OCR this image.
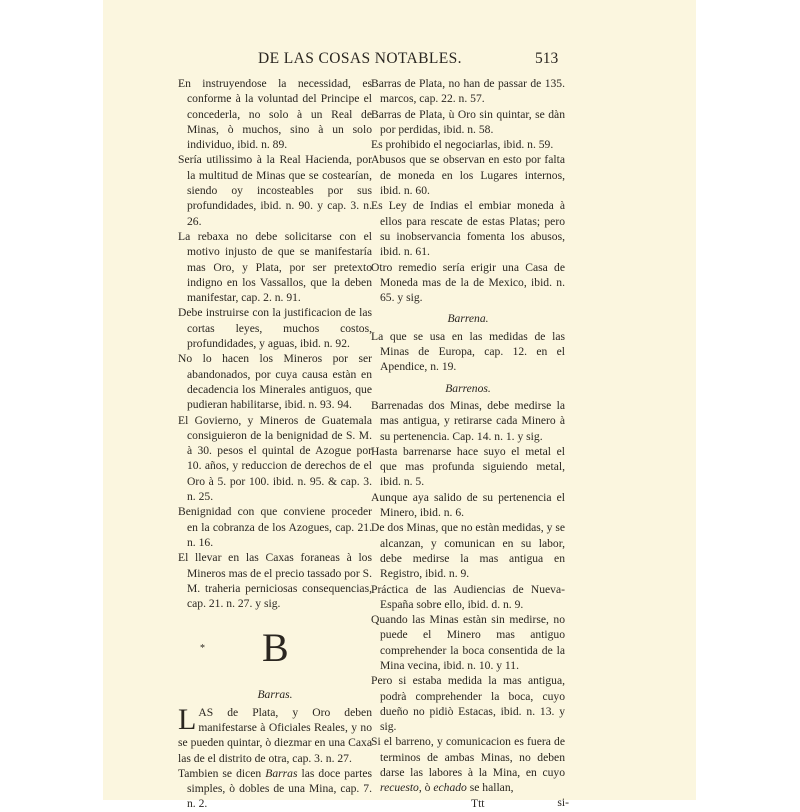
DE LAS COSAS NOTABLES.	513

En instruyendose la necessidad, es conforme à la voluntad del Principe el concederla, no solo à un Real de Minas, ò muchos, sino à un solo individuo, ibid. n. 89.

Sería utilissimo à la Real Hacienda, por la multitud de Minas que se costearían, siendo oy incosteables por sus profundidades, ibid. n. 90. y cap. 3. n. 26.

La rebaxa no debe solicitarse con el motivo injusto de que se manifestaría mas Oro, y Plata, por ser pretexto indigno en los Vassallos, que la deben manifestar, cap. 2. n. 91.

Debe instruirse con la justificacion de las cortas leyes, muchos costos, profundidades, y aguas, ibid. n. 92.

No lo hacen los Mineros por ser abandonados, por cuya causa estàn en decadencia los Minerales antiguos, que pudieran habilitarse, ibid. n. 93. 94.

El Govierno, y Mineros de Guatemala consiguieron de la benignidad de S. M. à 30. pesos el quintal de Azogue por 10. años, y reduccion de derechos de el Oro à 5. por 100. ibid. n. 95. & cap. 3. n. 25.

Benignidad con que conviene proceder en la cobranza de los Azogues, cap. 21. n. 16.

El llevar en las Caxas foraneas à los Mineros mas de el precio tassado por S. M. traheria perniciosas consequencias, cap. 21. n. 27. y sig.

* B
Barras.

LAS de Plata, y Oro deben manifestarse à Oficiales Reales, y no se pueden quintar, ò diezmar en una Caxa las de el distrito de otra, cap. 3. n. 27.

Tambien se dicen Barras las doce partes simples, ò dobles de una Mina, cap. 7. n. 2.

Barras de Plata, no han de passar de 135. marcos, cap. 22. n. 57.

Barras de Plata, ù Oro sin quintar, se dàn por perdidas, ibid. n. 58.

Es prohibido el negociarlas, ibid. n. 59.

Abusos que se observan en esto por falta de moneda en los Lugares internos, ibid. n. 60.

Es Ley de Indias el embiar moneda à ellos para rescate de estas Platas; pero su inobservancia fomenta los abusos, ibid. n. 61.

Otro remedio sería erigir una Casa de Moneda mas de la de Mexico, ibid. n. 65. y sig.

Barrena.

La que se usa en las medidas de las Minas de Europa, cap. 12. en el Apendice, n. 19.

Barrenos.

Barrenadas dos Minas, debe medirse la mas antigua, y retirarse cada Minero à su pertenencia. Cap. 14. n. 1. y sig.

Hasta barrenarse hace suyo el metal el que mas profunda siguiendo metal, ibid. n. 5.

Aunque aya salido de su pertenencia el Minero, ibid. n. 6.

De dos Minas, que no estàn medidas, y se alcanzan, y comunican en su labor, debe medirse la mas antigua en Registro, ibid. n. 9.

Práctica de las Audiencias de Nueva-España sobre ello, ibid. d. n. 9.

Quando las Minas estàn sin medirse, no puede el Minero mas antiguo comprehender la boca consentida de la Mina vecina, ibid. n. 10. y 11.

Pero si estaba medida la mas antigua, podrà comprehender la boca, cuyo dueño no pidiò Estacas, ibid. n. 13. y sig.

Si el barreno, y comunicacion es fuera de terminos de ambas Minas, no deben darse las labores à la Mina, en cuyo recuesto, ò echado se hallan,

Ttt	si-
